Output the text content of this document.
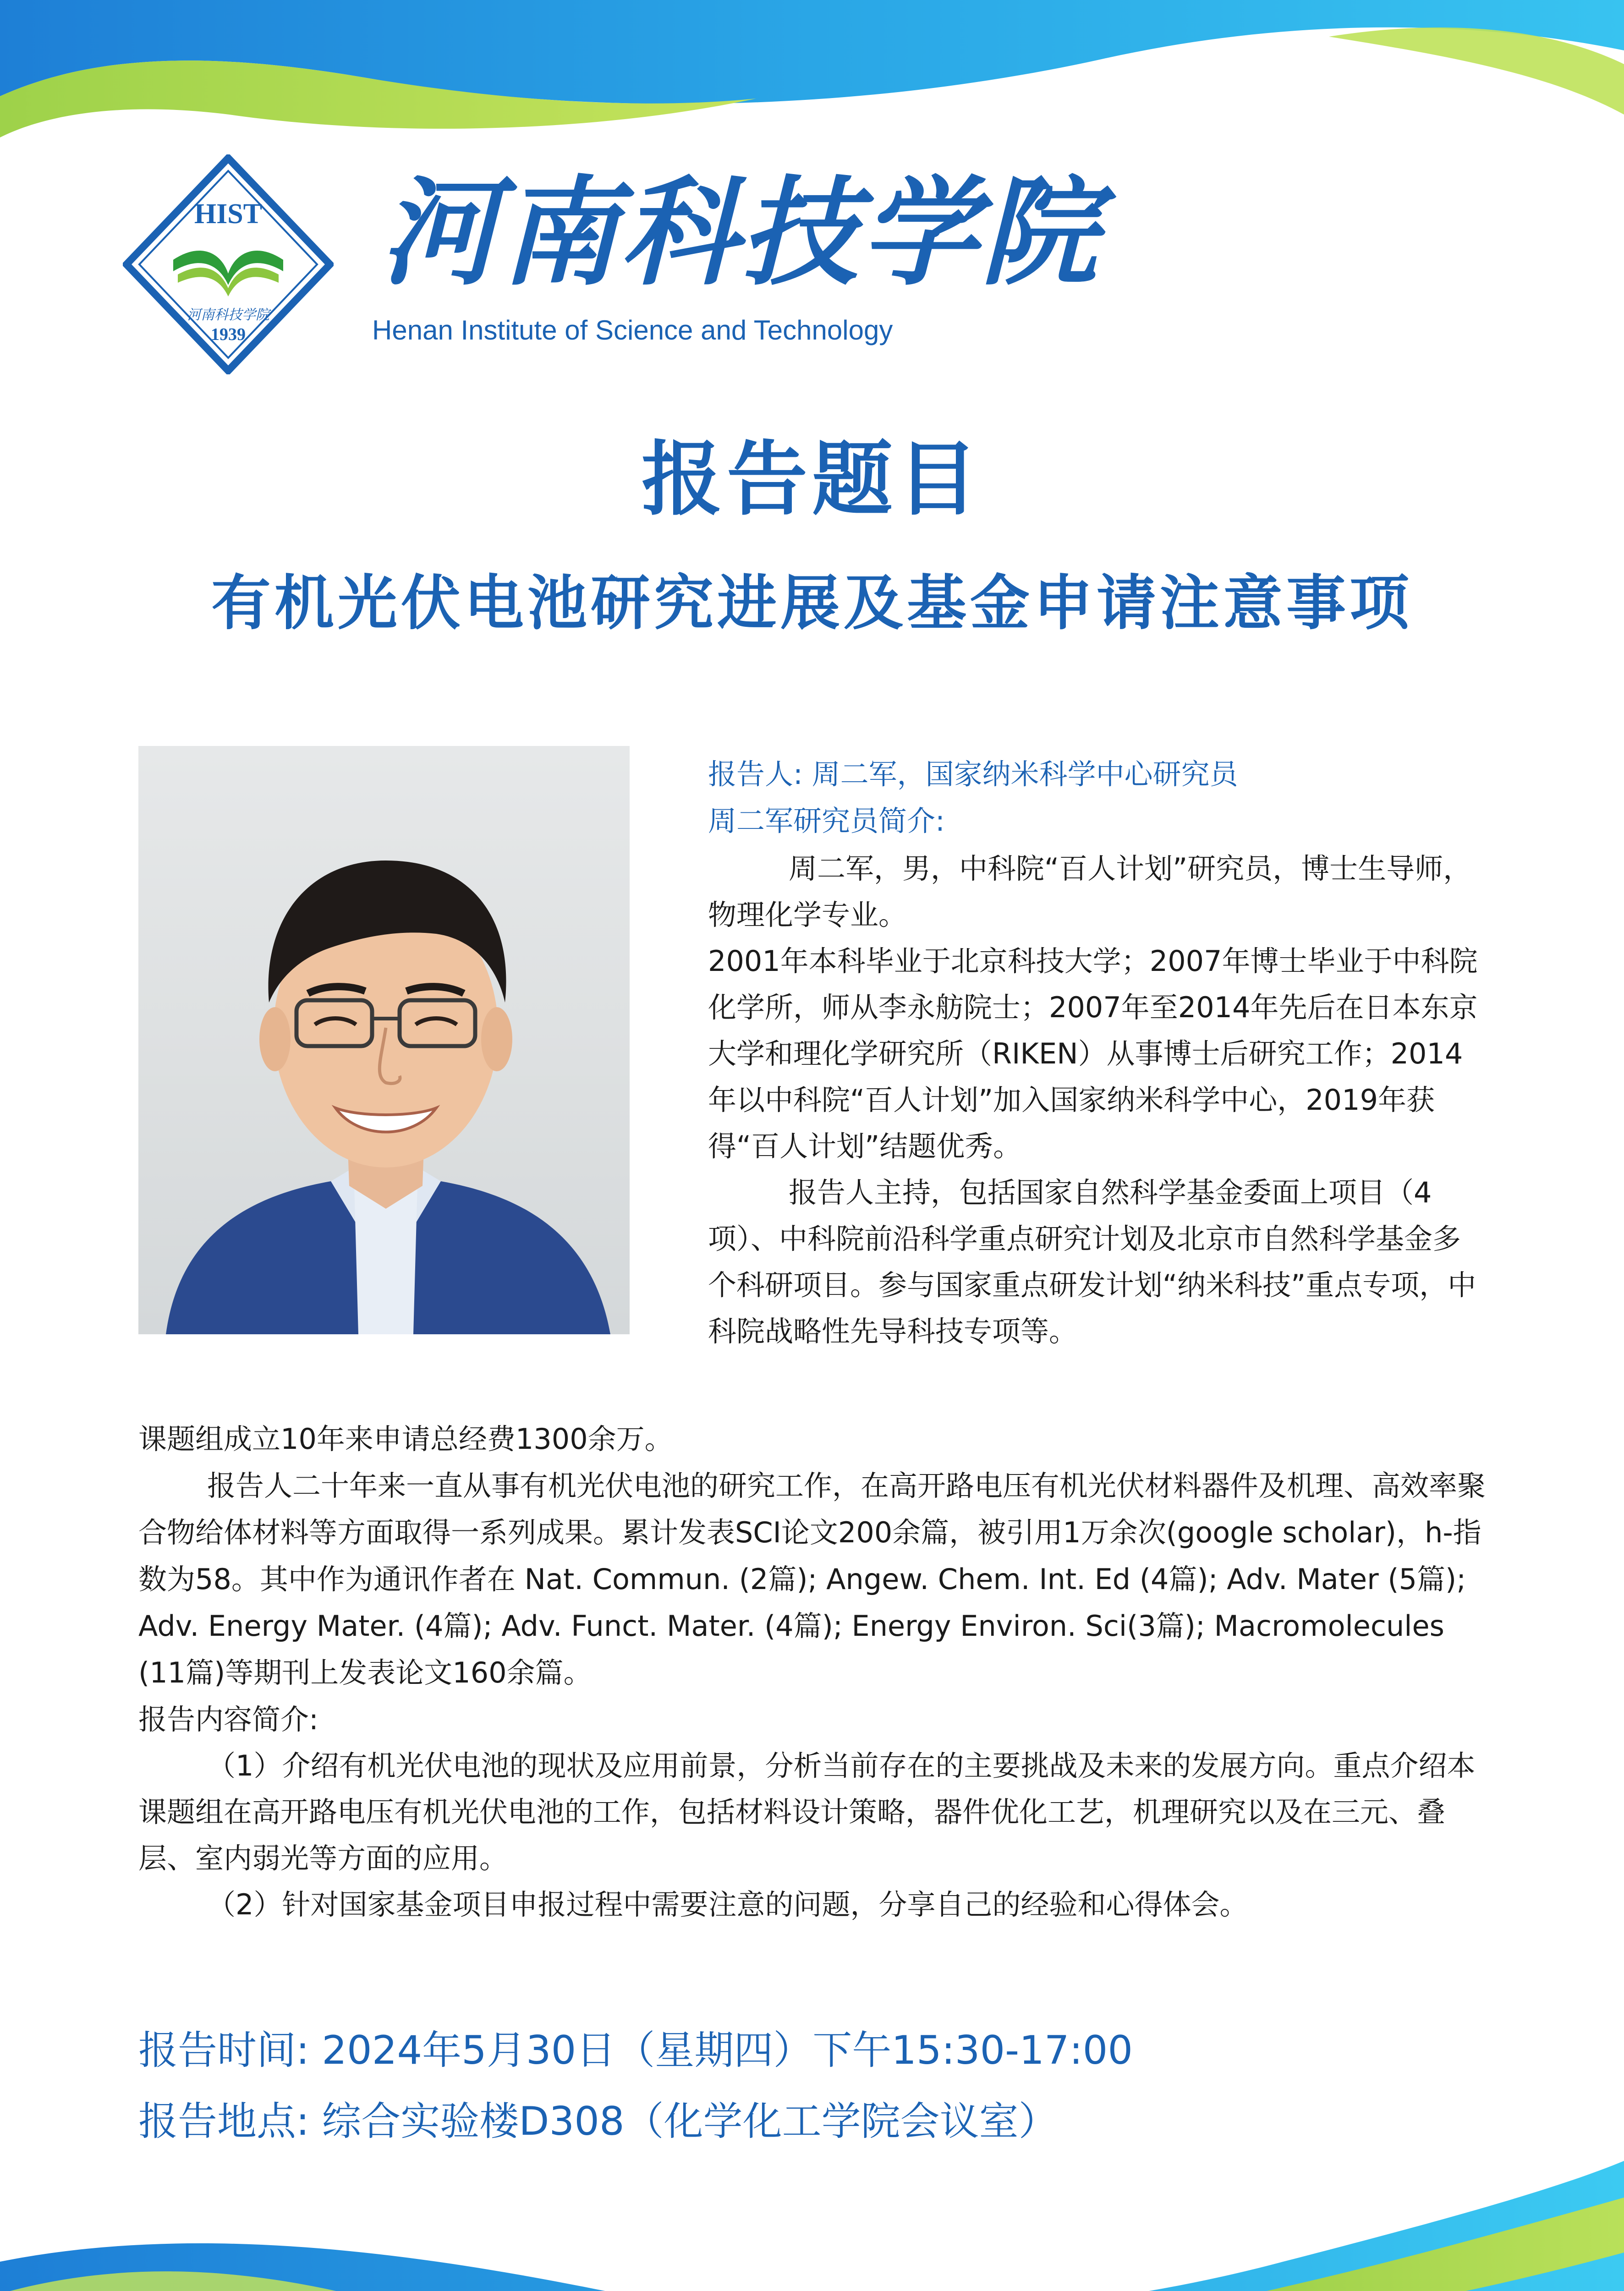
HIST
河南科技学院
1939
河南科技学院
Henan Institute of Science and Technology
报告题目
有机光伏电池研究进展及基金申请注意事项
报告人: 周二军，国家纳米科学中心研究员
周二军研究员简介:

周二军，男，中科院“百人计划”研究员，博士生导师，物理化学专业。

2001年本科毕业于北京科技大学；2007年博士毕业于中科院化学所，师从李永舫院士；2007年至2014年先后在日本东京大学和理化学研究所（RIKEN）从事博士后研究工作；2014年以中科院“百人计划”加入国家纳米科学中心，2019年获得“百人计划”结题优秀。

报告人主持，包括国家自然科学基金委面上项目（4项）、中科院前沿科学重点研究计划及北京市自然科学基金多个科研项目。参与国家重点研发计划“纳米科技”重点专项，中科院战略性先导科技专项等。

课题组成立10年来申请总经费1300余万。

报告人二十年来一直从事有机光伏电池的研究工作，在高开路电压有机光伏材料器件及机理、高效率聚合物给体材料等方面取得一系列成果。累计发表SCI论文200余篇，被引用1万余次(google scholar)，h-指数为58。其中作为通讯作者在 Nat. Commun. (2篇); Angew. Chem. Int. Ed (4篇); Adv. Mater (5篇); Adv. Energy Mater. (4篇); Adv. Funct. Mater. (4篇); Energy Environ. Sci(3篇); Macromolecules (11篇)等期刊上发表论文160余篇。

报告内容简介:

（1）介绍有机光伏电池的现状及应用前景，分析当前存在的主要挑战及未来的发展方向。重点介绍本课题组在高开路电压有机光伏电池的工作，包括材料设计策略，器件优化工艺，机理研究以及在三元、叠层、室内弱光等方面的应用。

（2）针对国家基金项目申报过程中需要注意的问题，分享自己的经验和心得体会。

报告时间: 2024年5月30日（星期四）下午15:30-17:00
报告地点: 综合实验楼D308（化学化工学院会议室）
